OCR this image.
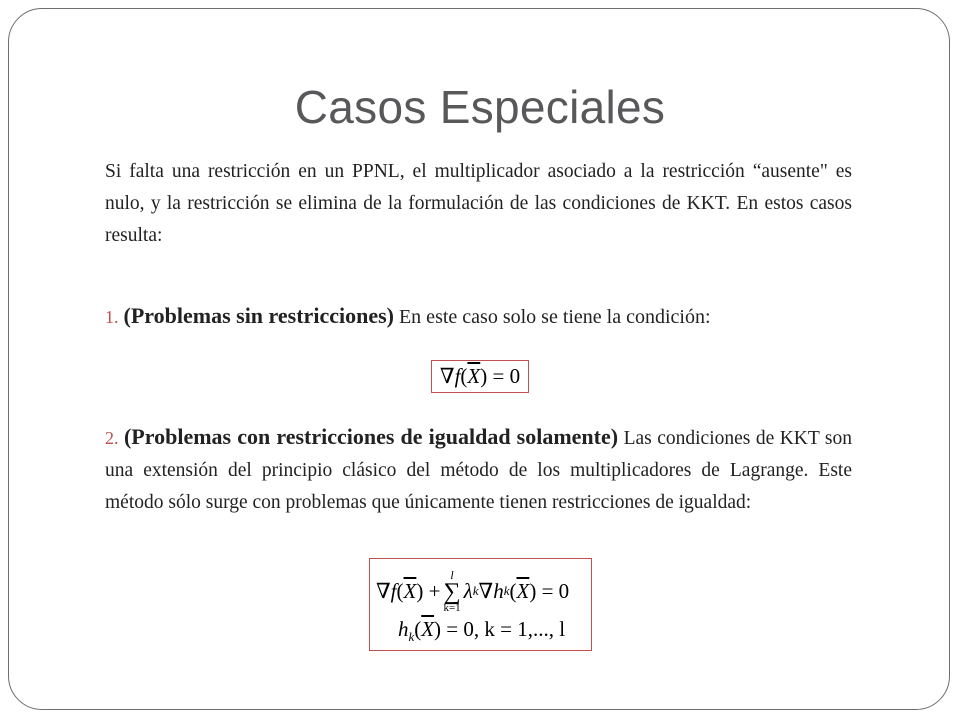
Casos Especiales
Si falta una restricción en un PPNL, el multiplicador asociado a la restricción “ausente" es nulo, y la restricción se elimina de la formulación de las condiciones de KKT. En estos casos resulta:
1. (Problemas sin restricciones) En este caso solo se tiene la condición:
∇ f ( $\overline{X}$ ) = 0
2. (Problemas con restricciones de igualdad solamente) Las condiciones de KKT son una extensión del principio clásico del método de los multiplicadores de Lagrange. Este método sólo surge con problemas que únicamente tienen restricciones de igualdad:
∇ f ( $\overline{X}$ ) +
l
∑
k=1
λ k ∇ h k ( $\overline{X}$ ) = 0
$h_k(\overline{X}) = 0$, k = 1,..., l
